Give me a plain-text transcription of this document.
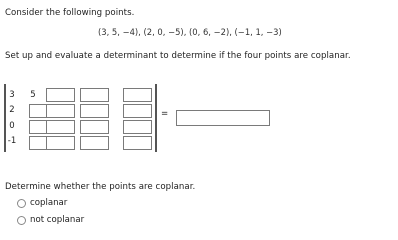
Consider the following points.
(3, 5, −4), (2, 0, −5), (0, 6, −2), (−1, 1, −3)
Set up and evaluate a determinant to determine if the four points are coplanar.
3
2
0
-1
5
=
Determine whether the points are coplanar.
coplanar
not coplanar
